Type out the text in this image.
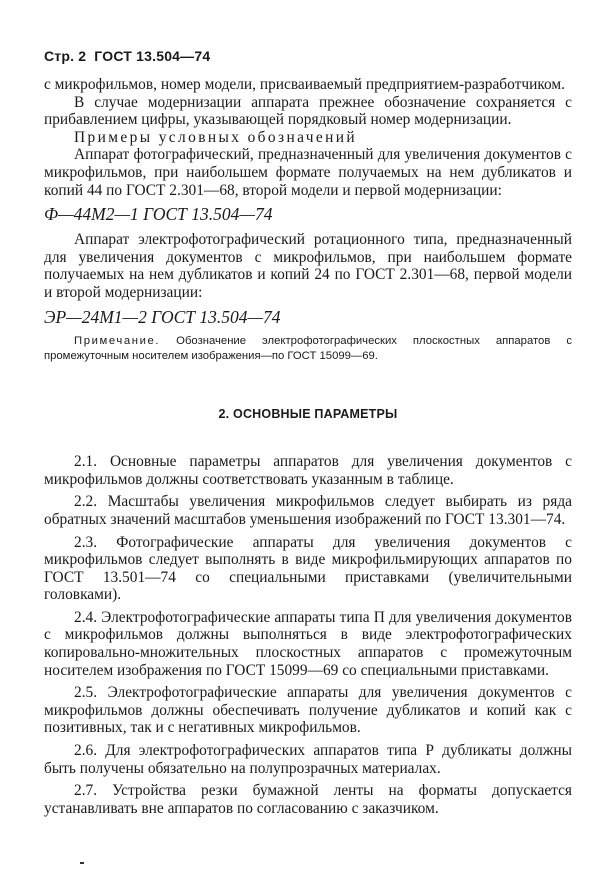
Стр. 2 ГОСТ 13.504—74

с микрофильмов, номер модели, присваиваемый предприятием-разработчиком.

В случае модернизации аппарата прежнее обозначение сохраняется с прибавлением цифры, указывающей порядковый номер модернизации.

Примеры условных обозначений

Аппарат фотографический, предназначенный для увеличения документов с микрофильмов, при наибольшем формате получаемых на нем дубликатов и копий 44 по ГОСТ 2.301—68, второй модели и первой модернизации:

Ф—44М2—1 ГОСТ 13.504—74

Аппарат электрофотографический ротационного типа, предназначенный для увеличения документов с микрофильмов, при наибольшем формате получаемых на нем дубликатов и копий 24 по ГОСТ 2.301—68, первой модели и второй модернизации:

ЭР—24М1—2 ГОСТ 13.504—74

Примечание. Обозначение электрофотографических плоскостных аппаратов с промежуточным носителем изображения—по ГОСТ 15099—69.

2. ОСНОВНЫЕ ПАРАМЕТРЫ

2.1. Основные параметры аппаратов для увеличения документов с микрофильмов должны соответствовать указанным в таблице.

2.2. Масштабы увеличения микрофильмов следует выбирать из ряда обратных значений масштабов уменьшения изображений по ГОСТ 13.301—74.

2.3. Фотографические аппараты для увеличения документов с микрофильмов следует выполнять в виде микрофильмирующих аппаратов по ГОСТ 13.501—74 со специальными приставками (увеличительными головками).

2.4. Электрофотографические аппараты типа П для увеличения документов с микрофильмов должны выполняться в виде электрофотографических копировально-множительных плоскостных аппаратов с промежуточным носителем изображения по ГОСТ 15099—69 со специальными приставками.

2.5. Электрофотографические аппараты для увеличения документов с микрофильмов должны обеспечивать получение дубликатов и копий как с позитивных, так и с негативных микрофильмов.

2.6. Для электрофотографических аппаратов типа Р дубликаты должны быть получены обязательно на полупрозрачных материалах.

2.7. Устройства резки бумажной ленты на форматы допускается устанавливать вне аппаратов по согласованию с заказчиком.
